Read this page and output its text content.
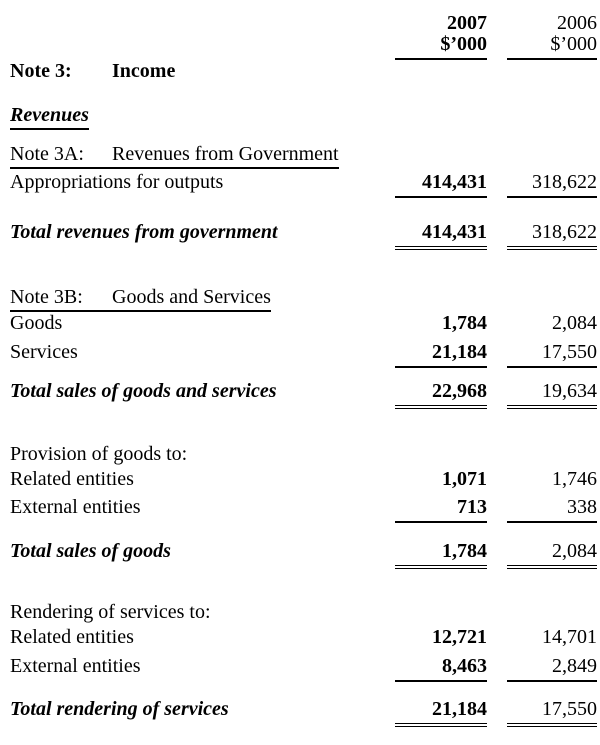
2007	2006
$’000	$’000
Note 3: Income
Revenues
Note 3A: Revenues from Government
Appropriations for outputs	414,431	318,622
Total revenues from government	414,431	318,622
Note 3B: Goods and Services
Goods	1,784	2,084
Services	21,184	17,550
Total sales of goods and services	22,968	19,634
Provision of goods to:
Related entities	1,071	1,746
External entities	713	338
Total sales of goods	1,784	2,084
Rendering of services to:
Related entities	12,721	14,701
External entities	8,463	2,849
Total rendering of services	21,184	17,550
